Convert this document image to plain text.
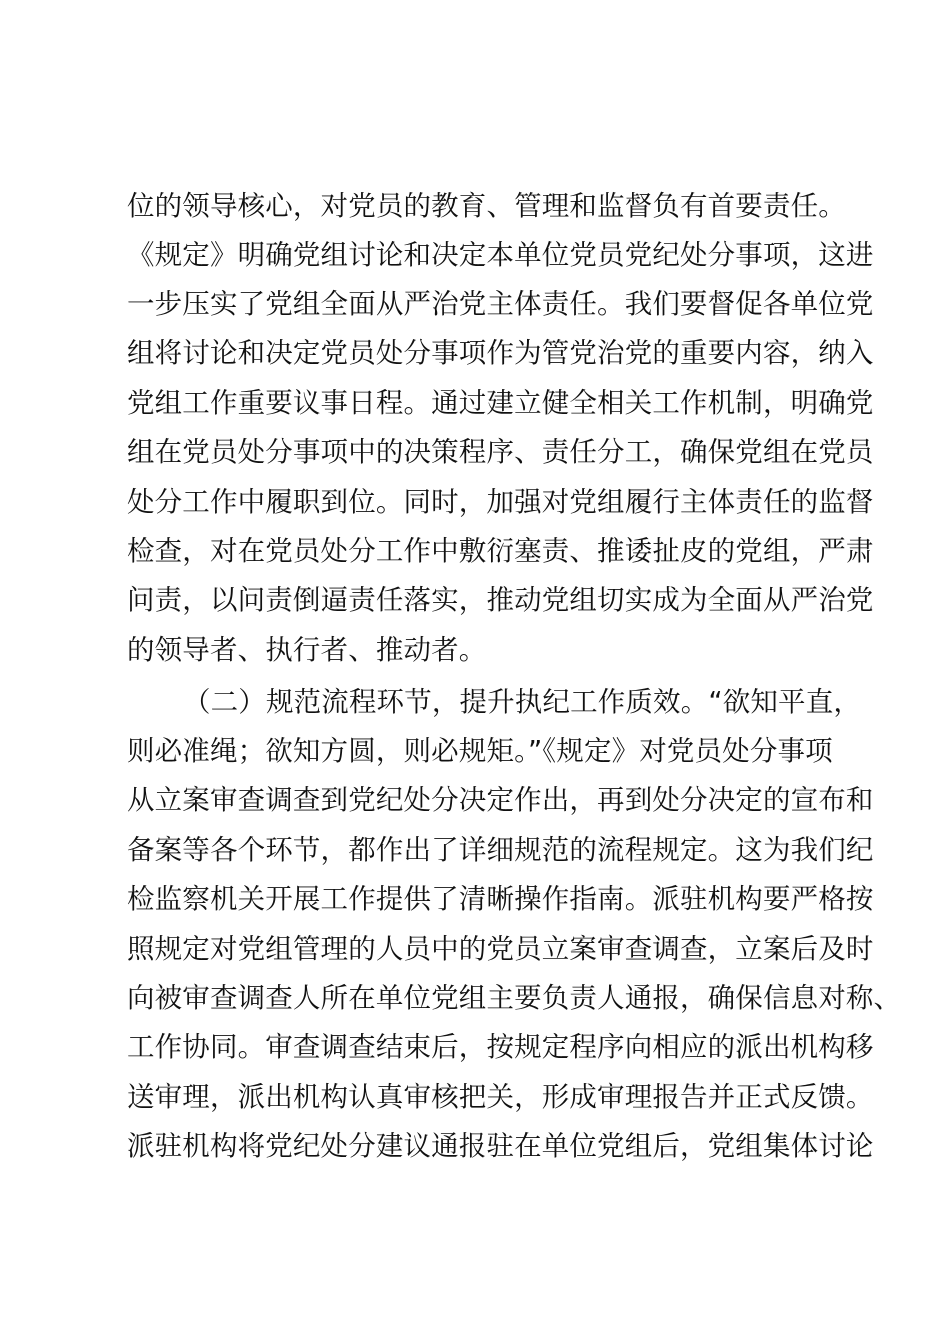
位的领导核心，对党员的教育、管理和监督负有首要责任。
《规定》明确党组讨论和决定本单位党员党纪处分事项，这进
一步压实了党组全面从严治党主体责任。我们要督促各单位党
组将讨论和决定党员处分事项作为管党治党的重要内容，纳入
党组工作重要议事日程。通过建立健全相关工作机制，明确党
组在党员处分事项中的决策程序、责任分工，确保党组在党员
处分工作中履职到位。同时，加强对党组履行主体责任的监督
检查，对在党员处分工作中敷衍塞责、推诿扯皮的党组，严肃
问责，以问责倒逼责任落实，推动党组切实成为全面从严治党
的领导者、执行者、推动者。
（二）规范流程环节，提升执纪工作质效。“欲知平直，
则必准绳；欲知方圆，则必规矩。”《规定》对党员处分事项
从立案审查调查到党纪处分决定作出，再到处分决定的宣布和
备案等各个环节，都作出了详细规范的流程规定。这为我们纪
检监察机关开展工作提供了清晰操作指南。派驻机构要严格按
照规定对党组管理的人员中的党员立案审查调查，立案后及时
向被审查调查人所在单位党组主要负责人通报，确保信息对称、
工作协同。审查调查结束后，按规定程序向相应的派出机构移
送审理，派出机构认真审核把关，形成审理报告并正式反馈。
派驻机构将党纪处分建议通报驻在单位党组后，党组集体讨论
